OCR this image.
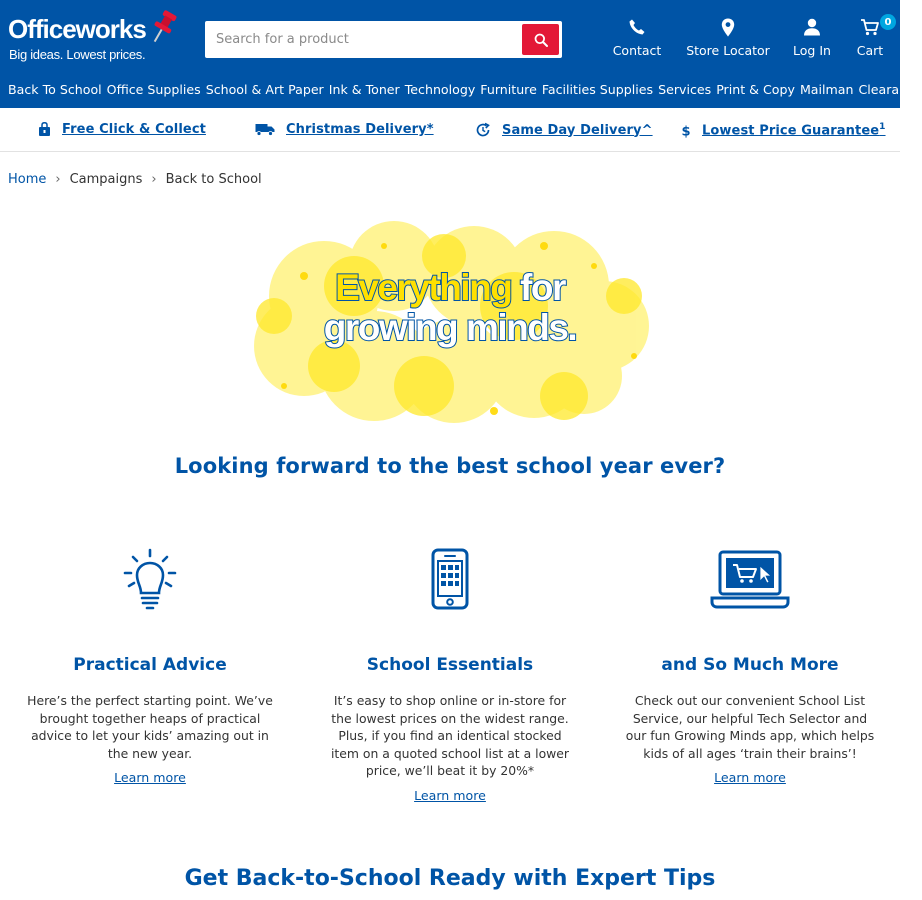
Officeworks
Big ideas. Lowest prices.
Search for a product	Contact Store Locator Log In
0
Cart
Back To School Office Supplies School & Art Paper Ink & Toner Technology Furniture Facilities Supplies Services Print & Copy Mailman Clearance
Free Click & Collect	Christmas Delivery*	Same Day Delivery^ $ Lowest Price Guarantee$^1$
Home › Campaigns › Back to School
Everything for
growing minds.
Looking forward to the best school year ever?
Practical Advice
Here’s the perfect starting point. We’ve brought together heaps of practical advice to let your kids’ amazing out in the new year.
Learn more
School Essentials
It’s easy to shop online or in-store for the lowest prices on the widest range. Plus, if you find an identical stocked item on a quoted school list at a lower price, we’ll beat it by 20%*
Learn more
and So Much More
Check out our convenient School List Service, our helpful Tech Selector and our fun Growing Minds app, which helps kids of all ages ‘train their brains’!
Learn more
Get Back-to-School Ready with Expert Tips
